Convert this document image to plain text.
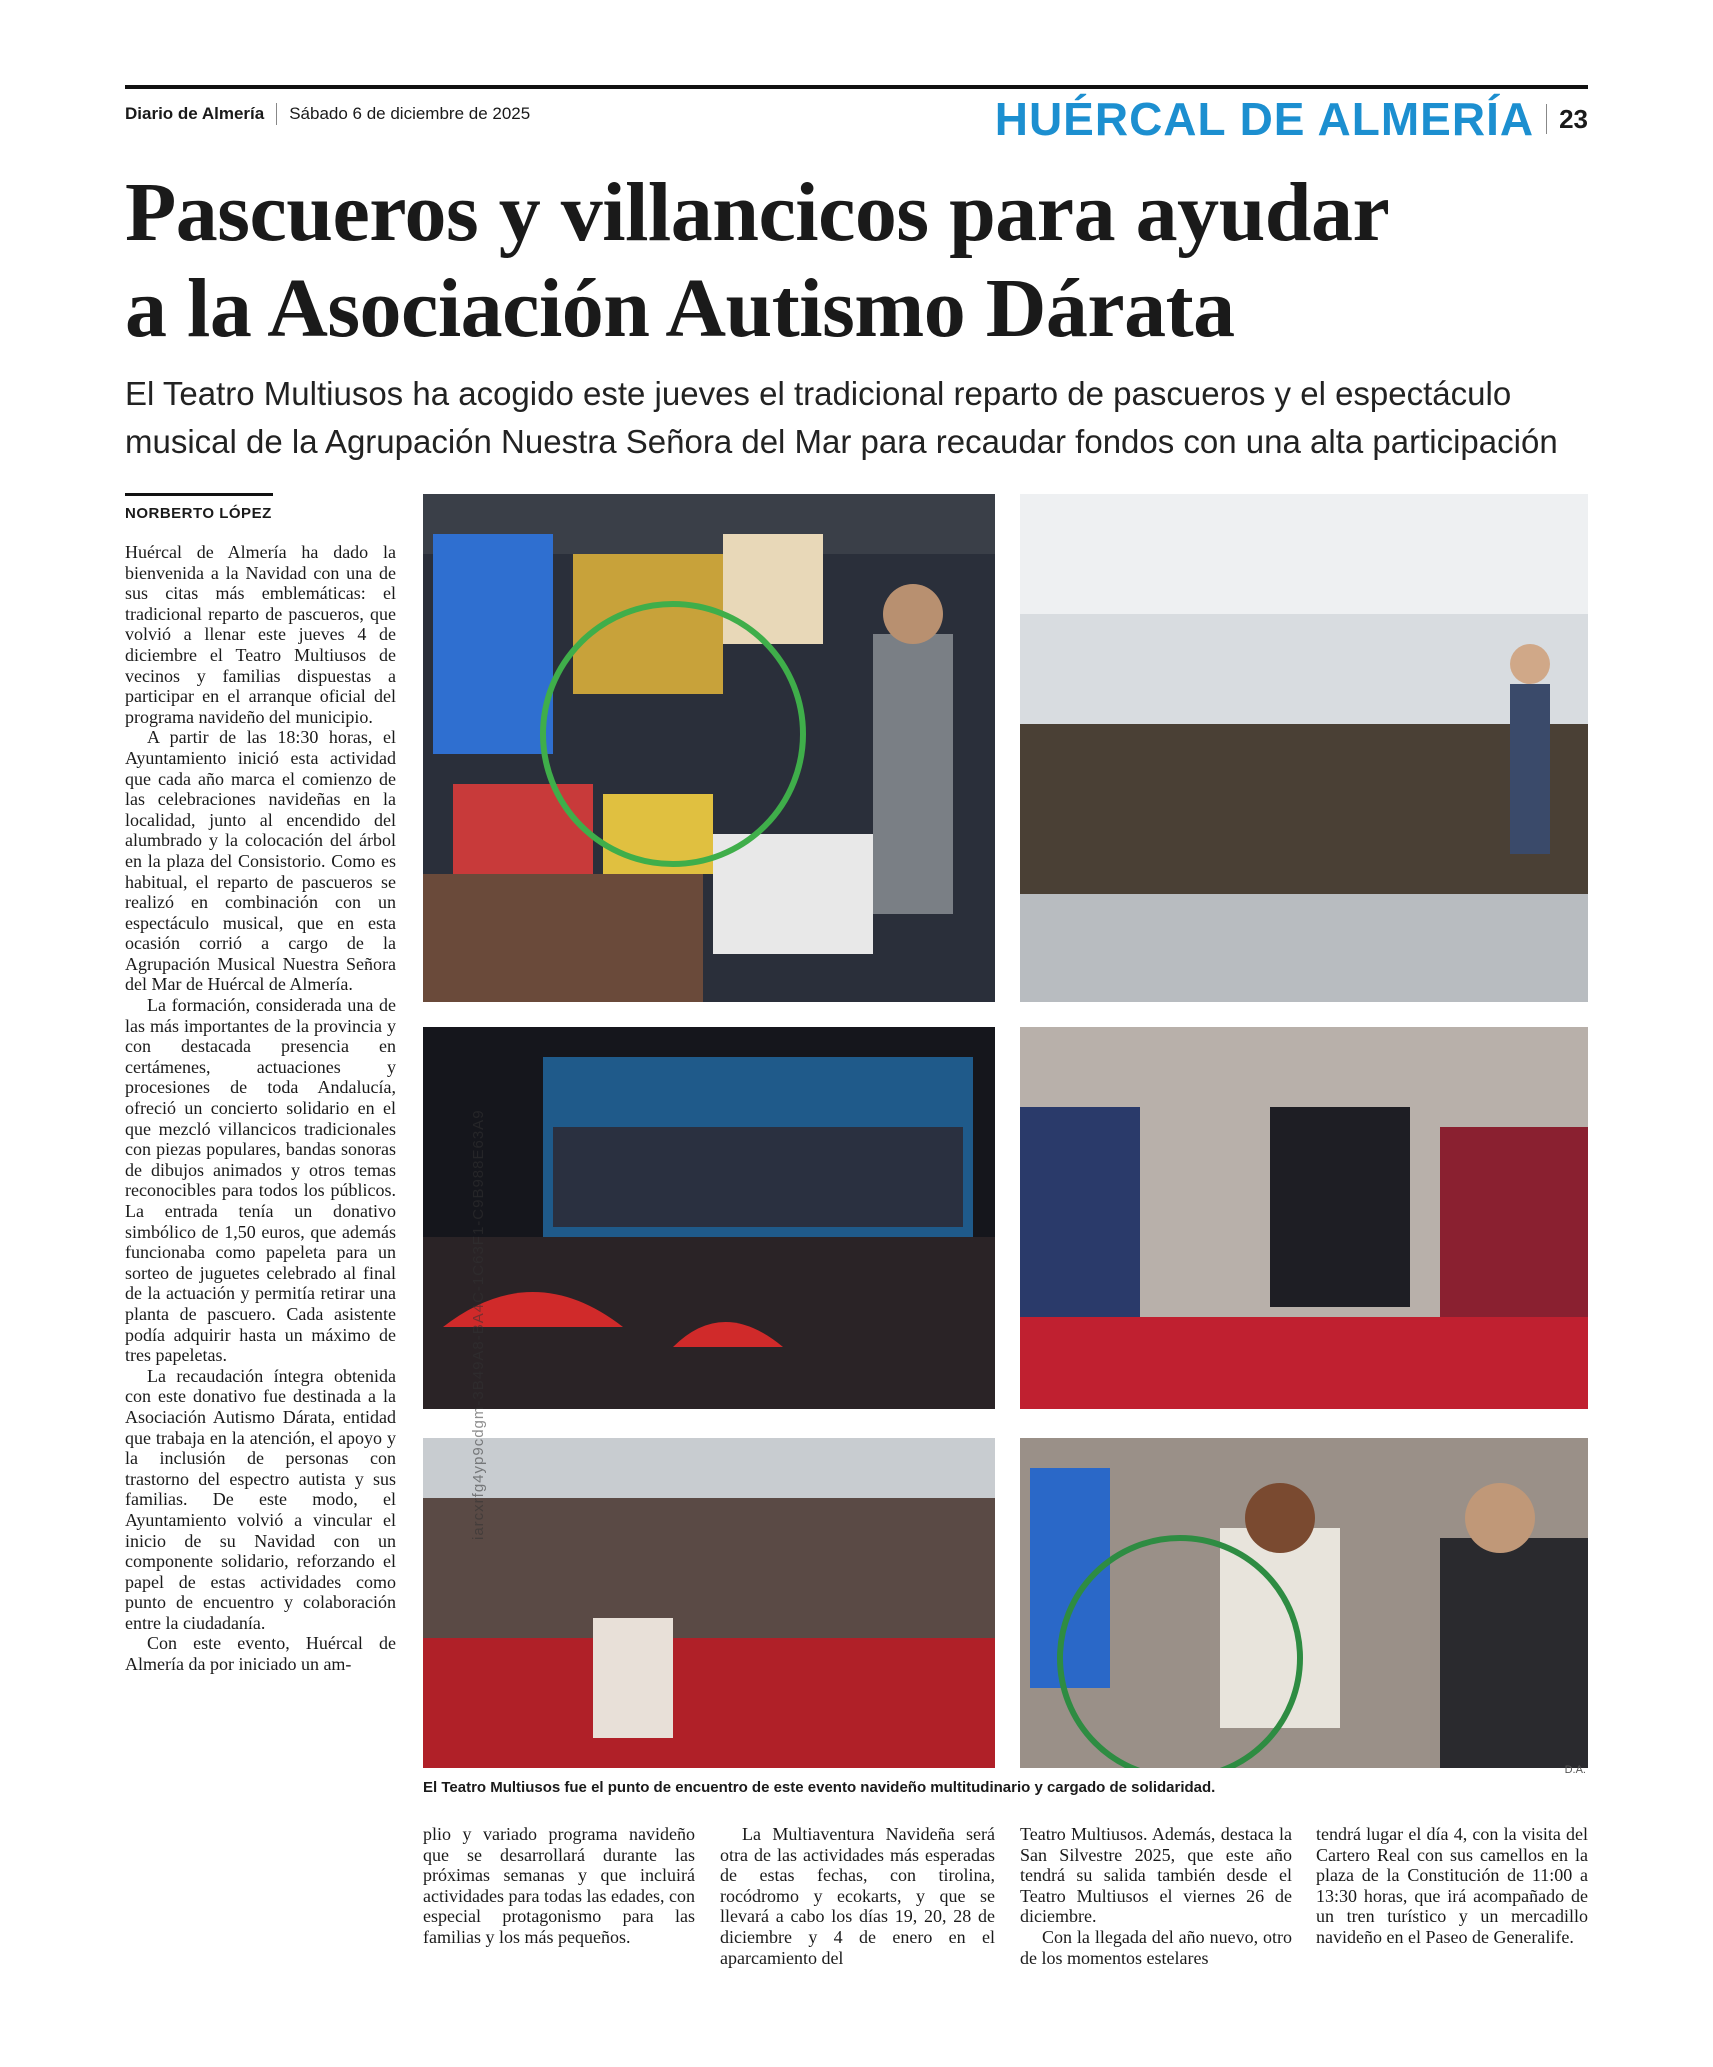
Diario de Almería Sábado 6 de diciembre de 2025	HUÉRCAL DE ALMERÍA 23
Pascueros y villancicos para ayudar
a la Asociación Autismo Dárata
El Teatro Multiusos ha acogido este jueves el tradicional reparto de pascueros y el espectáculo musical de la Agrupación Nuestra Señora del Mar para recaudar fondos con una alta participación
NORBERTO LÓPEZ

Huércal de Almería ha dado la bienvenida a la Navidad con una de sus citas más emblemáticas: el tradicional reparto de pascueros, que volvió a llenar este jueves 4 de diciembre el Teatro Multiusos de vecinos y familias dispuestas a participar en el arranque oficial del programa navideño del municipio.

A partir de las 18:30 horas, el Ayuntamiento inició esta actividad que cada año marca el comienzo de las celebraciones navideñas en la localidad, junto al encendido del alumbrado y la colocación del árbol en la plaza del Consistorio. Como es habitual, el reparto de pascueros se realizó en combinación con un espectáculo musical, que en esta ocasión corrió a cargo de la Agrupación Musical Nuestra Señora del Mar de Huércal de Almería.

La formación, considerada una de las más importantes de la provincia y con destacada presencia en certámenes, actuaciones y procesiones de toda Andalucía, ofreció un concierto solidario en el que mezcló villancicos tradicionales con piezas populares, bandas sonoras de dibujos animados y otros temas reconocibles para todos los públicos. La entrada tenía un donativo simbólico de 1,50 euros, que además funcionaba como papeleta para un sorteo de juguetes celebrado al final de la actuación y permitía retirar una planta de pascuero. Cada asistente podía adquirir hasta un máximo de tres papeletas.

La recaudación íntegra obtenida con este donativo fue destinada a la Asociación Autismo Dárata, entidad que trabaja en la atención, el apoyo y la inclusión de personas con trastorno del espectro autista y sus familias. De este modo, el Ayuntamiento volvió a vincular el inicio de su Navidad con un componente solidario, reforzando el papel de estas actividades como punto de encuentro y colaboración entre la ciudadanía.

Con este evento, Huércal de Almería da por iniciado un am-

iarcxrfg4yp9cdgm-3B49A8-BA4C-1C63F1-C9B988E63A9
D.A.
El Teatro Multiusos fue el punto de encuentro de este evento navideño multitudinario y cargado de solidaridad.

plio y variado programa navideño que se desarrollará durante las próximas semanas y que incluirá actividades para todas las edades, con especial protagonismo para las familias y los más pequeños.

La Multiaventura Navideña será otra de las actividades más esperadas de estas fechas, con tirolina, rocódromo y ecokarts, y que se llevará a cabo los días 19, 20, 28 de diciembre y 4 de enero en el aparcamiento del

Teatro Multiusos. Además, destaca la San Silvestre 2025, que este año tendrá su salida también desde el Teatro Multiusos el viernes 26 de diciembre.

Con la llegada del año nuevo, otro de los momentos estelares

tendrá lugar el día 4, con la visita del Cartero Real con sus camellos en la plaza de la Constitución de 11:00 a 13:30 horas, que irá acompañado de un tren turístico y un mercadillo navideño en el Paseo de Generalife.
